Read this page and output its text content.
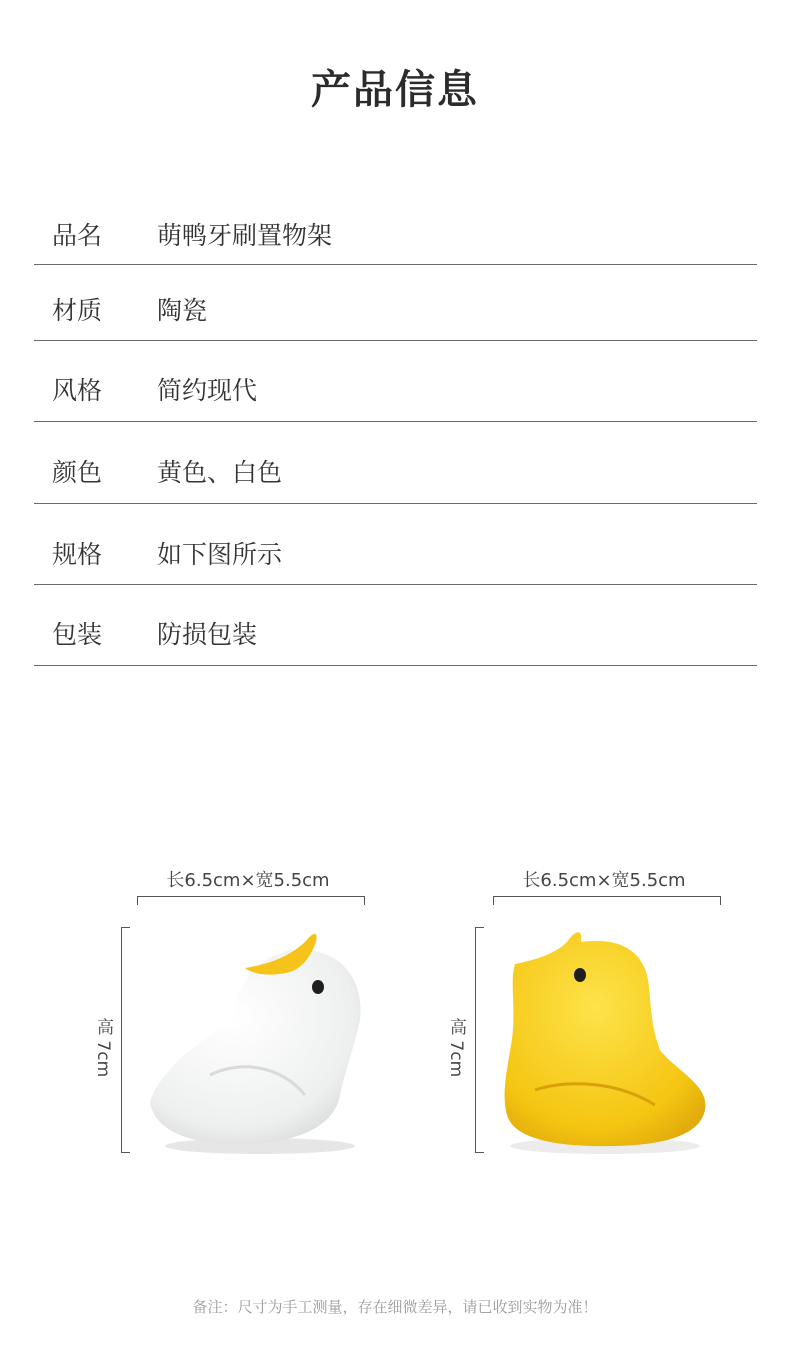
产品信息
品名 萌鸭牙刷置物架
材质 陶瓷
风格 简约现代
颜色 黄色、白色
规格 如下图所示
包装 防损包装
长6.5cm×宽5.5cm
高 7cm
长6.5cm×宽5.5cm
高 7cm
备注：尺寸为手工测量，存在细微差异，请已收到实物为准！
